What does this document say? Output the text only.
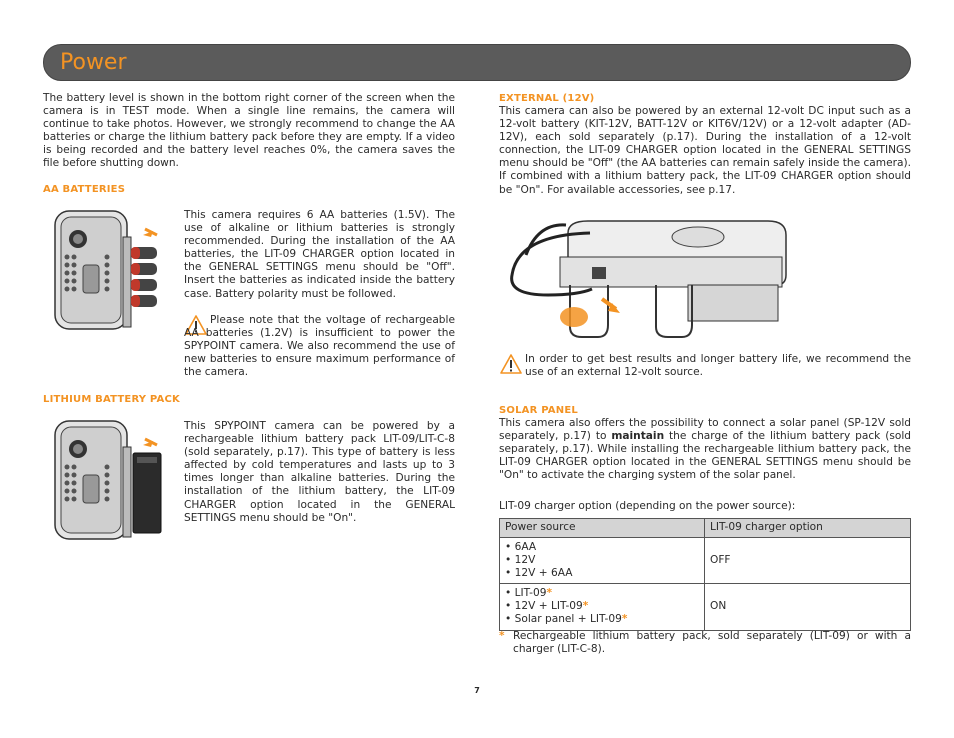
Power
The battery level is shown in the bottom right corner of the screen when the camera is in TEST mode. When a single line remains, the camera will continue to take photos. However, we strongly recommend to change the AA batteries or charge the lithium battery pack before they are empty. If a video is being recorded and the battery level reaches 0%, the camera saves the file before shutting down.
AA BATTERIES
This camera requires 6 AA batteries (1.5V). The use of alkaline or lithium batteries is strongly recommended. During the installation of the AA batteries, the LIT-09 CHARGER option located in the GENERAL SETTINGS menu should be "Off". Insert the batteries as indicated inside the battery case. Battery polarity must be followed.
Please note that the voltage of rechargeable AA batteries (1.2V) is insufficient to power the SPYPOINT camera. We also recommend the use of new batteries to ensure maximum performance of the camera.
LITHIUM BATTERY PACK
This SPYPOINT camera can be powered by a rechargeable lithium battery pack LIT-09/LIT-C-8 (sold separately, p.17). This type of battery is less affected by cold temperatures and lasts up to 3 times longer than alkaline batteries. During the installation of the lithium battery, the LIT-09 CHARGER option located in the GENERAL SETTINGS menu should be "On".
EXTERNAL (12V)
This camera can also be powered by an external 12-volt DC input such as a 12-volt battery (KIT-12V, BATT-12V or KIT6V/12V) or a 12-volt adapter (AD-12V), each sold separately (p.17). During the installation of a 12-volt connection, the LIT-09 CHARGER option located in the GENERAL SETTINGS menu should be "Off" (the AA batteries can remain safely inside the camera). If combined with a lithium battery pack, the LIT-09 CHARGER option should be "On". For available accessories, see p.17.
In order to get best results and longer battery life, we recommend the use of an external 12-volt source.
SOLAR PANEL
This camera also offers the possibility to connect a solar panel (SP-12V sold separately, p.17) to maintain the charge of the lithium battery pack (sold separately, p.17). While installing the rechargeable lithium battery pack, the LIT-09 CHARGER option located in the GENERAL SETTINGS menu should be "On" to activate the charging system of the solar panel.
LIT-09 charger option (depending on the power source):
Power source	LIT-09 charger option

• 6AA
• 12V
• 12V + 6AA	OFF

• LIT-09*
• 12V + LIT-09*
• Solar panel + LIT-09*	ON
* Rechargeable lithium battery pack, sold separately (LIT-09) or with a charger (LIT-C-8).
7
